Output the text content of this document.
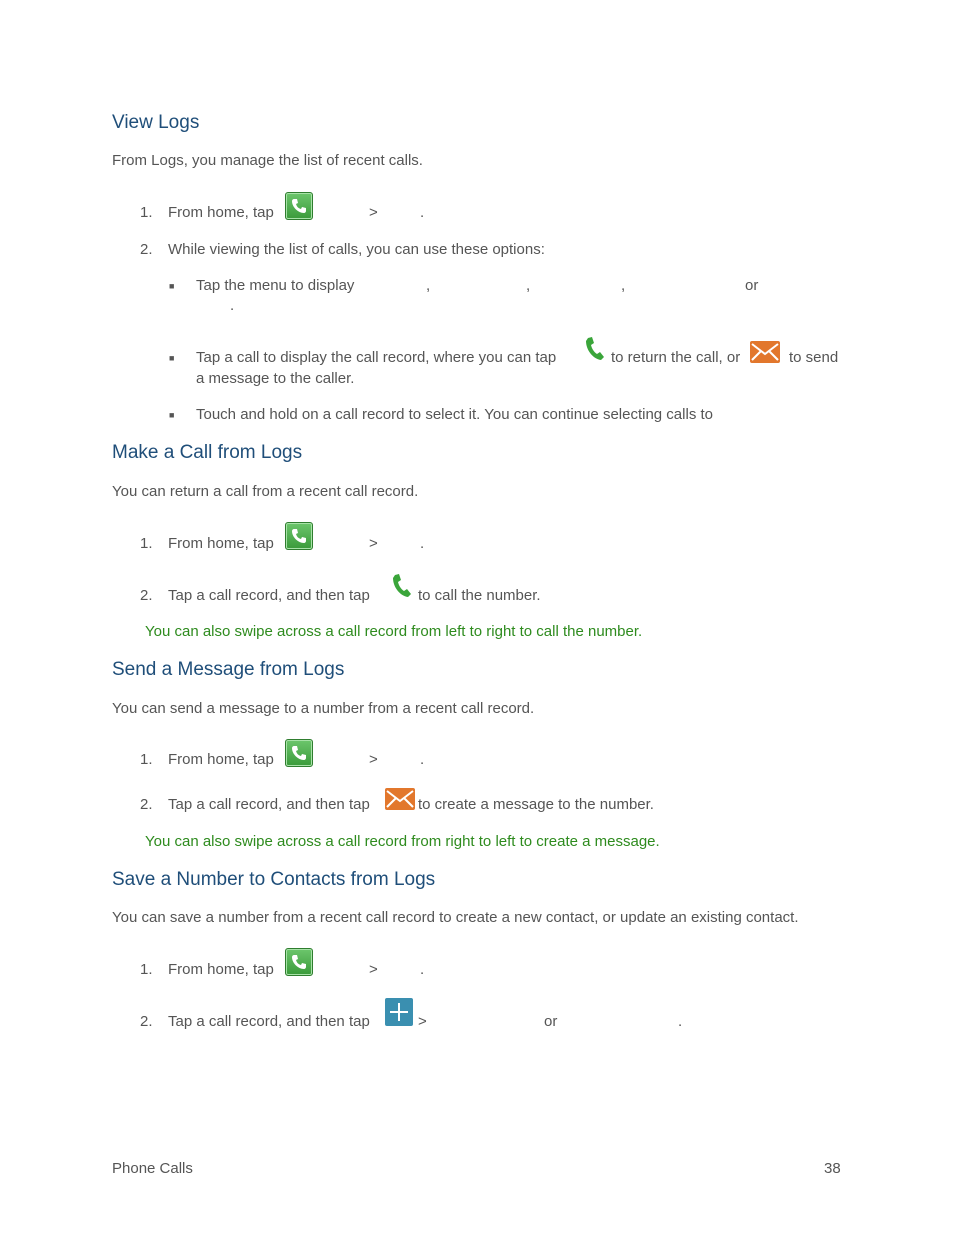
View Logs
From Logs, you manage the list of recent calls.
1. From home, tap	>	.
2. While viewing the list of calls, you can use these options:
■ Tap the menu to display	,	,	,	or
.
■ Tap a call to display the call record, where you can tap	to return the call, or	to send
a message to the caller.
■ Touch and hold on a call record to select it. You can continue selecting calls to
Make a Call from Logs
You can return a call from a recent call record.
1. From home, tap	>	.
2. Tap a call record, and then tap	to call the number.
You can also swipe across a call record from left to right to call the number.
Send a Message from Logs
You can send a message to a number from a recent call record.
1. From home, tap	>	.
2. Tap a call record, and then tap	to create a message to the number.
You can also swipe across a call record from right to left to create a message.
Save a Number to Contacts from Logs
You can save a number from a recent call record to create a new contact, or update an existing contact.
1. From home, tap	>	.
2. Tap a call record, and then tap	>	or	.
Phone Calls	38
